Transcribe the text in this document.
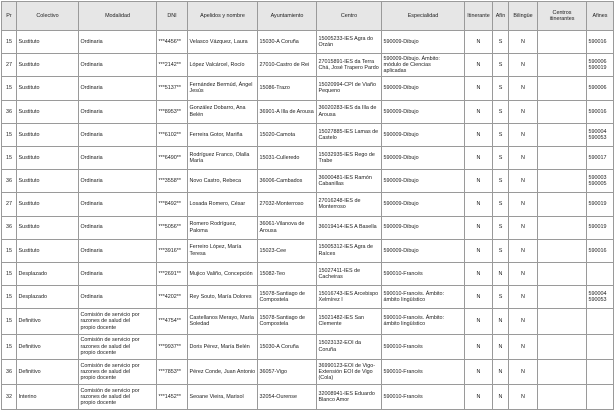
Pr	Colectivo	Modalidad	DNI	Apelidos y nombre	Ayuntamiento	Centro	Especialidad	Itinerante	Afín	Bilingüe	Centros itinerantes	Afines

15	Sustituto	Ordinaria	***4456**	Velasco Vázquez, Laura	15030-A Coruña	15005233-IES Agra do
Orzán	590009-Dibujo	N	S	N		590016

27	Sustituto	Ordinaria	***2142**	López Valcárcel, Rocío	27010-Castro de Rei	27015891-IES da Terra
Chá, José Trapero Pardo	590009-Dibujo. Ámbito:
módulo de Ciencias
aplicadas	N	S	N		590006
590019

15	Sustituto	Ordinaria	***5137**	Fernández Bermúd, Ángel
Jesús	15086-Trazo	15020994-CPI de Viaño
Pequeno	590009-Dibujo	N	S	N		590006

36	Sustituto	Ordinaria	***8953**	González Dobarro, Ana
Belén	36901-A Illa de Arousa	36020283-IES da Illa de
Arousa	590009-Dibujo	N	S	N		590016

15	Sustituto	Ordinaria	***6102**	Ferreira Gotor, Mariña	15020-Camota	15027885-IES Lamas de
Castelo	590009-Dibujo	N	S	N		590004
590053

15	Sustituto	Ordinaria	***6490**	Rodríguez Franco, Olalla
María	15031-Culleredo	15032935-IES Rego de
Trabe	590009-Dibujo	N	S	N		590017

36	Sustituto	Ordinaria	***3558**	Novo Castro, Rebeca	36006-Cambados	36000481-IES Ramón
Cabanillas	590009-Dibujo	N	S	N		590003
590005

27	Sustituto	Ordinaria	***8492**	Losada Romero, César	27032-Monterroso	27016248-IES de
Monterroso	590009-Dibujo	N	S	N		590019

36	Sustituto	Ordinaria	***5056**	Romero Rodríguez, Paloma	36061-Vilanova de
Arousa	36019414-IES A Basella	590009-Dibujo	N	S	N		590019

15	Sustituto	Ordinaria	***3916**	Ferreiro López, María
Teresa	15023-Cee	15005312-IES Agra de
Raíces	590009-Dibujo	N	S	N		590016

15	Desplazado	Ordinaria	***2691**	Mujico Valiño, Concepción	15082-Teo	15027411-IES de
Cacheiras	590010-Francés	N	N	N		

15	Desplazado	Ordinaria	***4202**	Rey Souto, María Dolores	15078-Santiago de
Compostela	15016743-IES Arcebispo
Xelmírez I	590010-Francés. Ámbito:
ámbito lingüístico	N	S	N		590004
590053

15	Definitivo	Comisión de servicio por
razones de salud del
propio docente	***4754**	Castellanos Merayo, María
Soledad	15078-Santiago de
Compostela	15021482-IES San
Clemente	590010-Francés. Ámbito:
ámbito lingüístico	N	N	N		

15	Definitivo	Comisión de servicio por
razones de salud del
propio docente	***9937**	Doris Pérez, María Belén	15030-A Coruña	15023132-EOI da Coruña	590010-Francés	N	N	N		

36	Definitivo	Comisión de servicio por
razones de salud del
propio docente	***7853**	Pérez Conde, Juan Antonio	36057-Vigo	36990123-EOI de Vigo-
Extensión EOI de Vigo
(Cola)	590010-Francés	N	N	N		

32	Interino	Comisión de servicio por
razones de salud del
propio docente	***1452**	Seoane Vieira, Marisol	32054-Ourense	32008941-IES Eduardo
Blanco Amor	590010-Francés	N	N	N		
